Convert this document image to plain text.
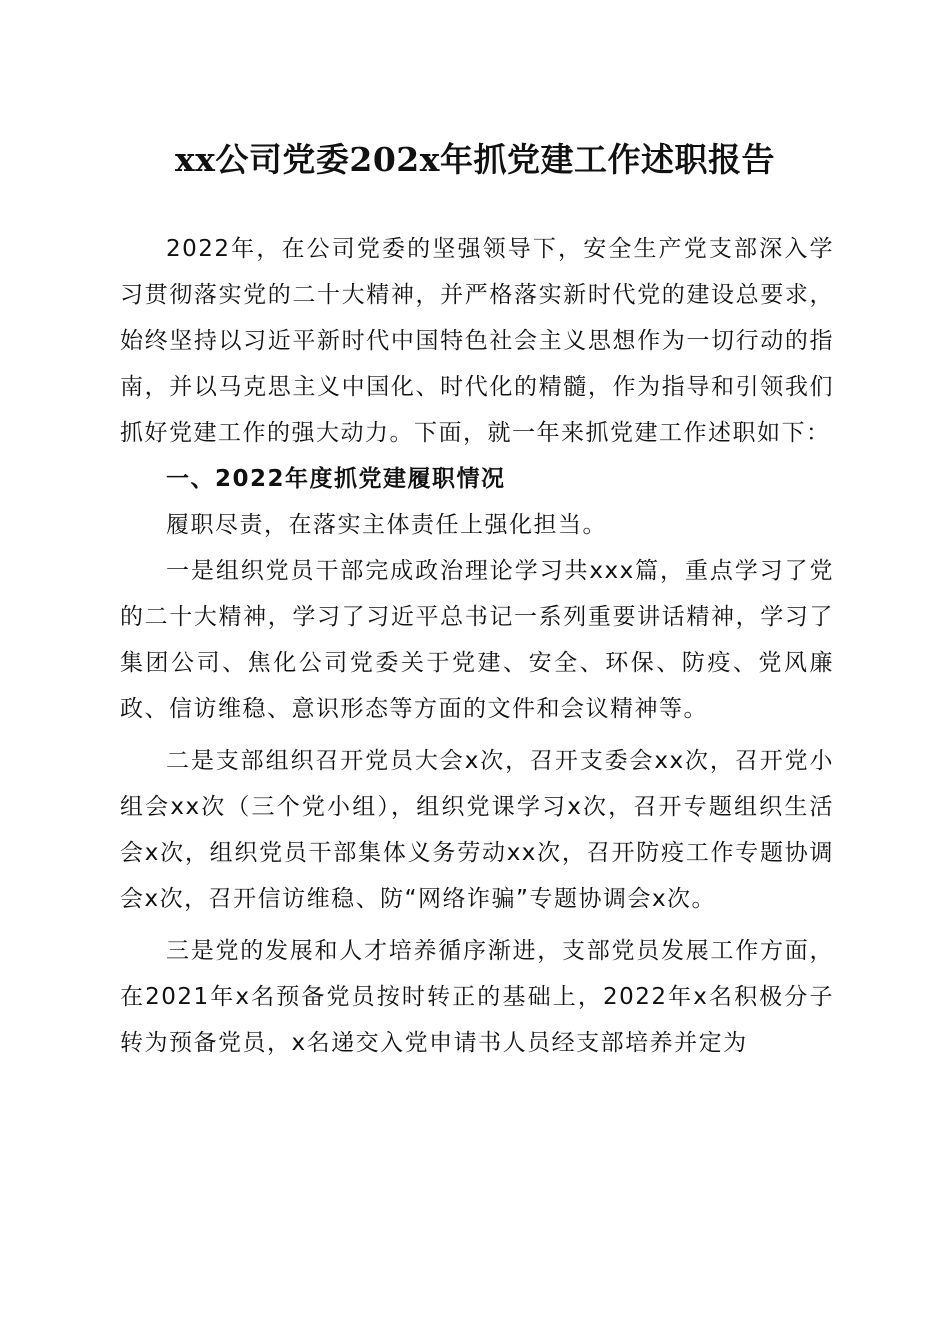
xx公司党委202x年抓党建工作述职报告

2022年，在公司党委的坚强领导下，安全生产党支部深入学习贯彻落实党的二十大精神，并严格落实新时代党的建设总要求，始终坚持以习近平新时代中国特色社会主义思想作为一切行动的指南，并以马克思主义中国化、时代化的精髓，作为指导和引领我们抓好党建工作的强大动力。下面，就一年来抓党建工作述职如下：

一、2022年度抓党建履职情况

履职尽责，在落实主体责任上强化担当。

一是组织党员干部完成政治理论学习共xxx篇，重点学习了党的二十大精神，学习了习近平总书记一系列重要讲话精神，学习了集团公司、焦化公司党委关于党建、安全、环保、防疫、党风廉政、信访维稳、意识形态等方面的文件和会议精神等。

二是支部组织召开党员大会x次，召开支委会xx次，召开党小组会xx次（三个党小组），组织党课学习x次，召开专题组织生活会x次，组织党员干部集体义务劳动xx次，召开防疫工作专题协调会x次，召开信访维稳、防“网络诈骗”专题协调会x次。

三是党的发展和人才培养循序渐进，支部党员发展工作方面，在2021年x名预备党员按时转正的基础上，2022年x名积极分子转为预备党员，x名递交入党申请书人员经支部培养并定为
